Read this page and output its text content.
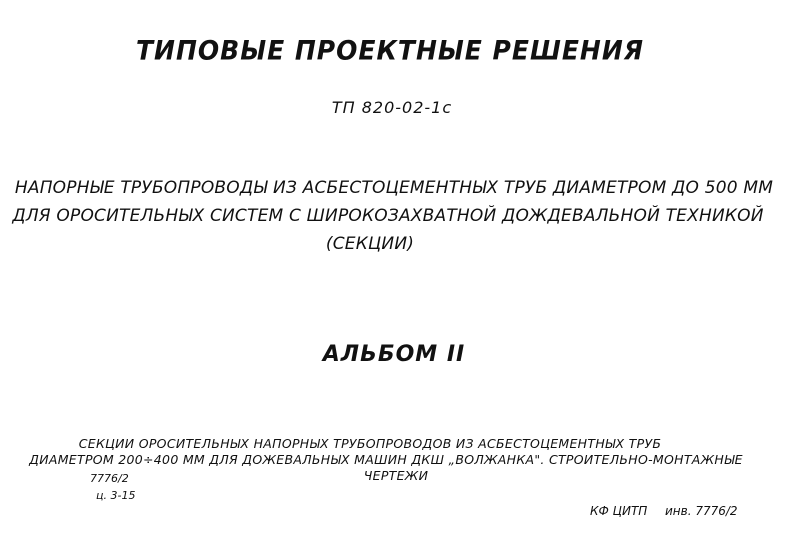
ТИПОВЫЕ ПРОЕКТНЫЕ РЕШЕНИЯ
ТП 820-02-1с
НАПОРНЫЕ ТРУБОПРОВОДЫ ИЗ АСБЕСТОЦЕМЕНТНЫХ ТРУБ ДИАМЕТРОМ ДО 500 ММ
ДЛЯ ОРОСИТЕЛЬНЫХ СИСТЕМ С ШИРОКОЗАХВАТНОЙ ДОЖДЕВАЛЬНОЙ ТЕХНИКОЙ
(СЕКЦИИ)
АЛЬБОМ II
СЕКЦИИ ОРОСИТЕЛЬНЫХ НАПОРНЫХ ТРУБОПРОВОДОВ ИЗ АСБЕСТОЦЕМЕНТНЫХ ТРУБ
ДИАМЕТРОМ 200÷400 ММ ДЛЯ ДОЖЕВАЛЬНЫХ МАШИН ДКШ „ВОЛЖАНКА". СТРОИТЕЛЬНО-МОНТАЖНЫЕ
ЧЕРТЕЖИ
7776/2
ц. 3-15
КФ ЦИТП инв. 7776/2
